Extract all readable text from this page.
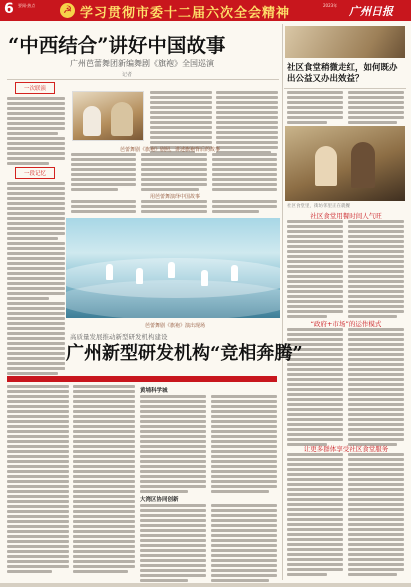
6 要闻·热点	☭ 学习贯彻市委十二届六次全会精神
2023年 广州日报
“中西结合”讲好中国故事
广州芭蕾舞团新编舞剧《旗袍》全国巡演
记者
一次联演
一段记忆
芭蕾舞剧《旗袍》剧照，讲述旗袍背后的故事
用芭蕾舞演绎中国故事
芭蕾舞剧《旗袍》演出现场
社区食堂稍微走红，如何既办出公益又办出效益？
社区食堂里，街坊邻里正在就餐
社区食堂用餐时间人气旺
“政府+市场”的运作模式
让更多群体享受社区食堂服务
高质量发展推动新型研发机构建设
广州新型研发机构“竞相奔腾”
黄埔科学城
大湾区协同创新
